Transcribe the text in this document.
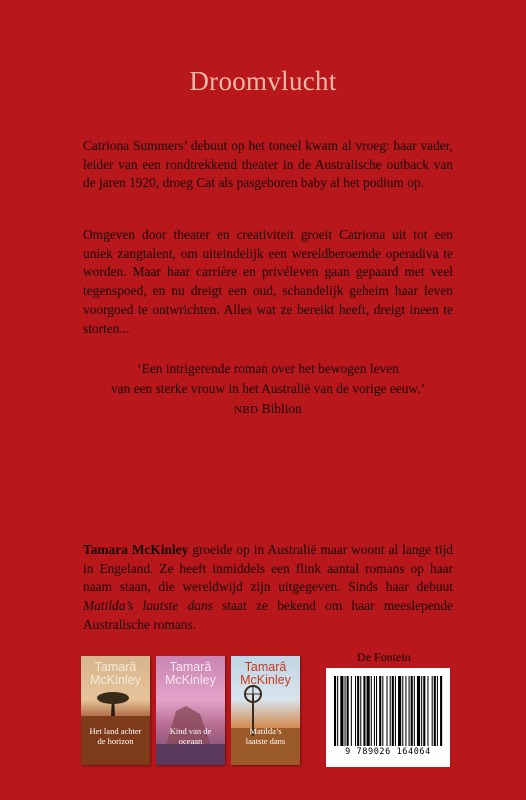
Droomvlucht
Catriona Summers’ debuut op het toneel kwam al vroeg: haar vader, leider van een rondtrekkend theater in de Australische outback van de jaren 1920, droeg Cat als pasgeboren baby al het podium op.
Omgeven door theater en creativiteit groeit Catriona uit tot een uniek zangtalent, om uiteindelijk een wereldberoemde operadiva te worden. Maar haar carrière en privéleven gaan gepaard met veel tegenspoed, en nu dreigt een oud, schandelijk geheim haar leven voorgoed te ontwrichten. Alles wat ze bereikt heeft, dreigt ineen te storten...
‘Een intrigerende roman over het bewogen leven
van een sterke vrouw in het Australië van de vorige eeuw.’
NBD Biblion
Tamara McKinley groeide op in Australië maar woont al lange tijd in Engeland. Ze heeft inmiddels een flink aantal romans op haar naam staan, die wereldwijd zijn uitgegeven. Sinds haar debuut Matilda’s laatste dans staat ze bekend om haar meeslepende Australische romans.
Tamarâ
McKinley
Het land achter
de horizon
Tamarâ
McKinley
Kind van de
oceaan
Tamarâ
McKinley
Matilda’s
laatste dans
De Fontein
9 789026 164064
